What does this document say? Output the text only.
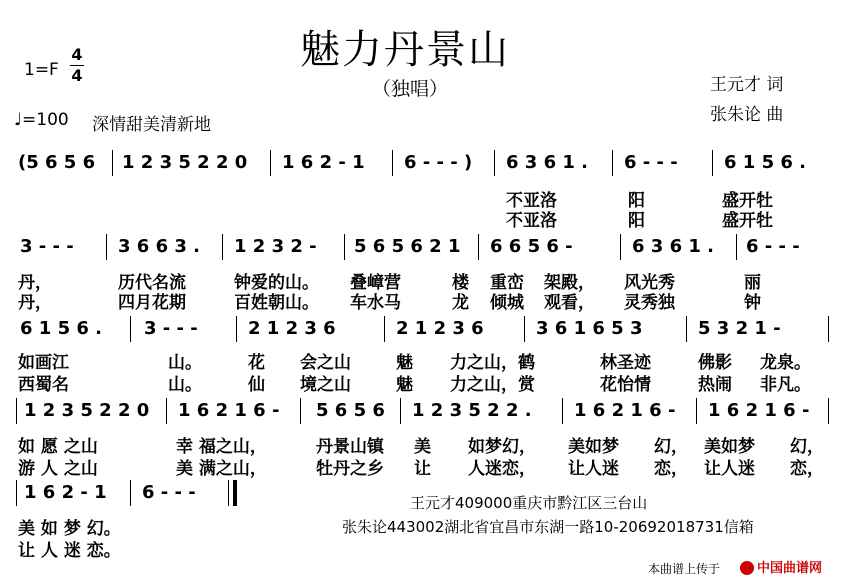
魅力丹景山
（独唱）
1=F
4
4
♩=100 深情甜美清新地
王元才 词
张朱论 曲
(5 6 5 6 1 2 3 5 2 2 0 1 6 2 - 1 6 - - - ) 6 3 6 1 . 6 - - -	6 1 5 6 .
不亚洛	阳	盛开牡
不亚洛	阳	盛开牡
3 - - - 3 6 6 3 . 1 2 3 2 - 5 6 5 6 2 1 6 6 5 6 -	6 3 6 1 . 6 - - -
丹，	历代名流	钟爱的山。 叠嶂营	楼 重峦 架殿， 风光秀	丽
丹，	四月花期	百姓朝山。 车水马	龙 倾城 观看， 灵秀独	钟
6 1 5 6 . 3 - - -	2 1 2 3 6	2 1 2 3 6	3 6 1 6 5 3	5 3 2 1 -
如画江	山。	花 会之山	魅 力之山，鹤	林圣迹	佛影 龙泉。
西蜀名	山。	仙 境之山	魅 力之山，赏	花怡情	热闹 非凡。
1 2 3 5 2 2 0 1 6 2 1 6 - 5 6 5 6 1 2 3 5 2 2 . 1 6 2 1 6 - 1 6 2 1 6 -
如 愿 之山	幸 福之山，	丹景山镇 美 如梦幻， 美如梦 幻， 美如梦 幻，
游 人 之山	美 满之山，	牡丹之乡 让 人迷恋， 让人迷 恋， 让人迷 恋，
1 6 2 - 1 6 - - -
美 如 梦 幻。
让 人 迷 恋。
王元才409000重庆市黔江区三台山
张朱论443002湖北省宜昌市东湖一路10-20692018731信箱
本曲谱上传于	中国曲谱网
